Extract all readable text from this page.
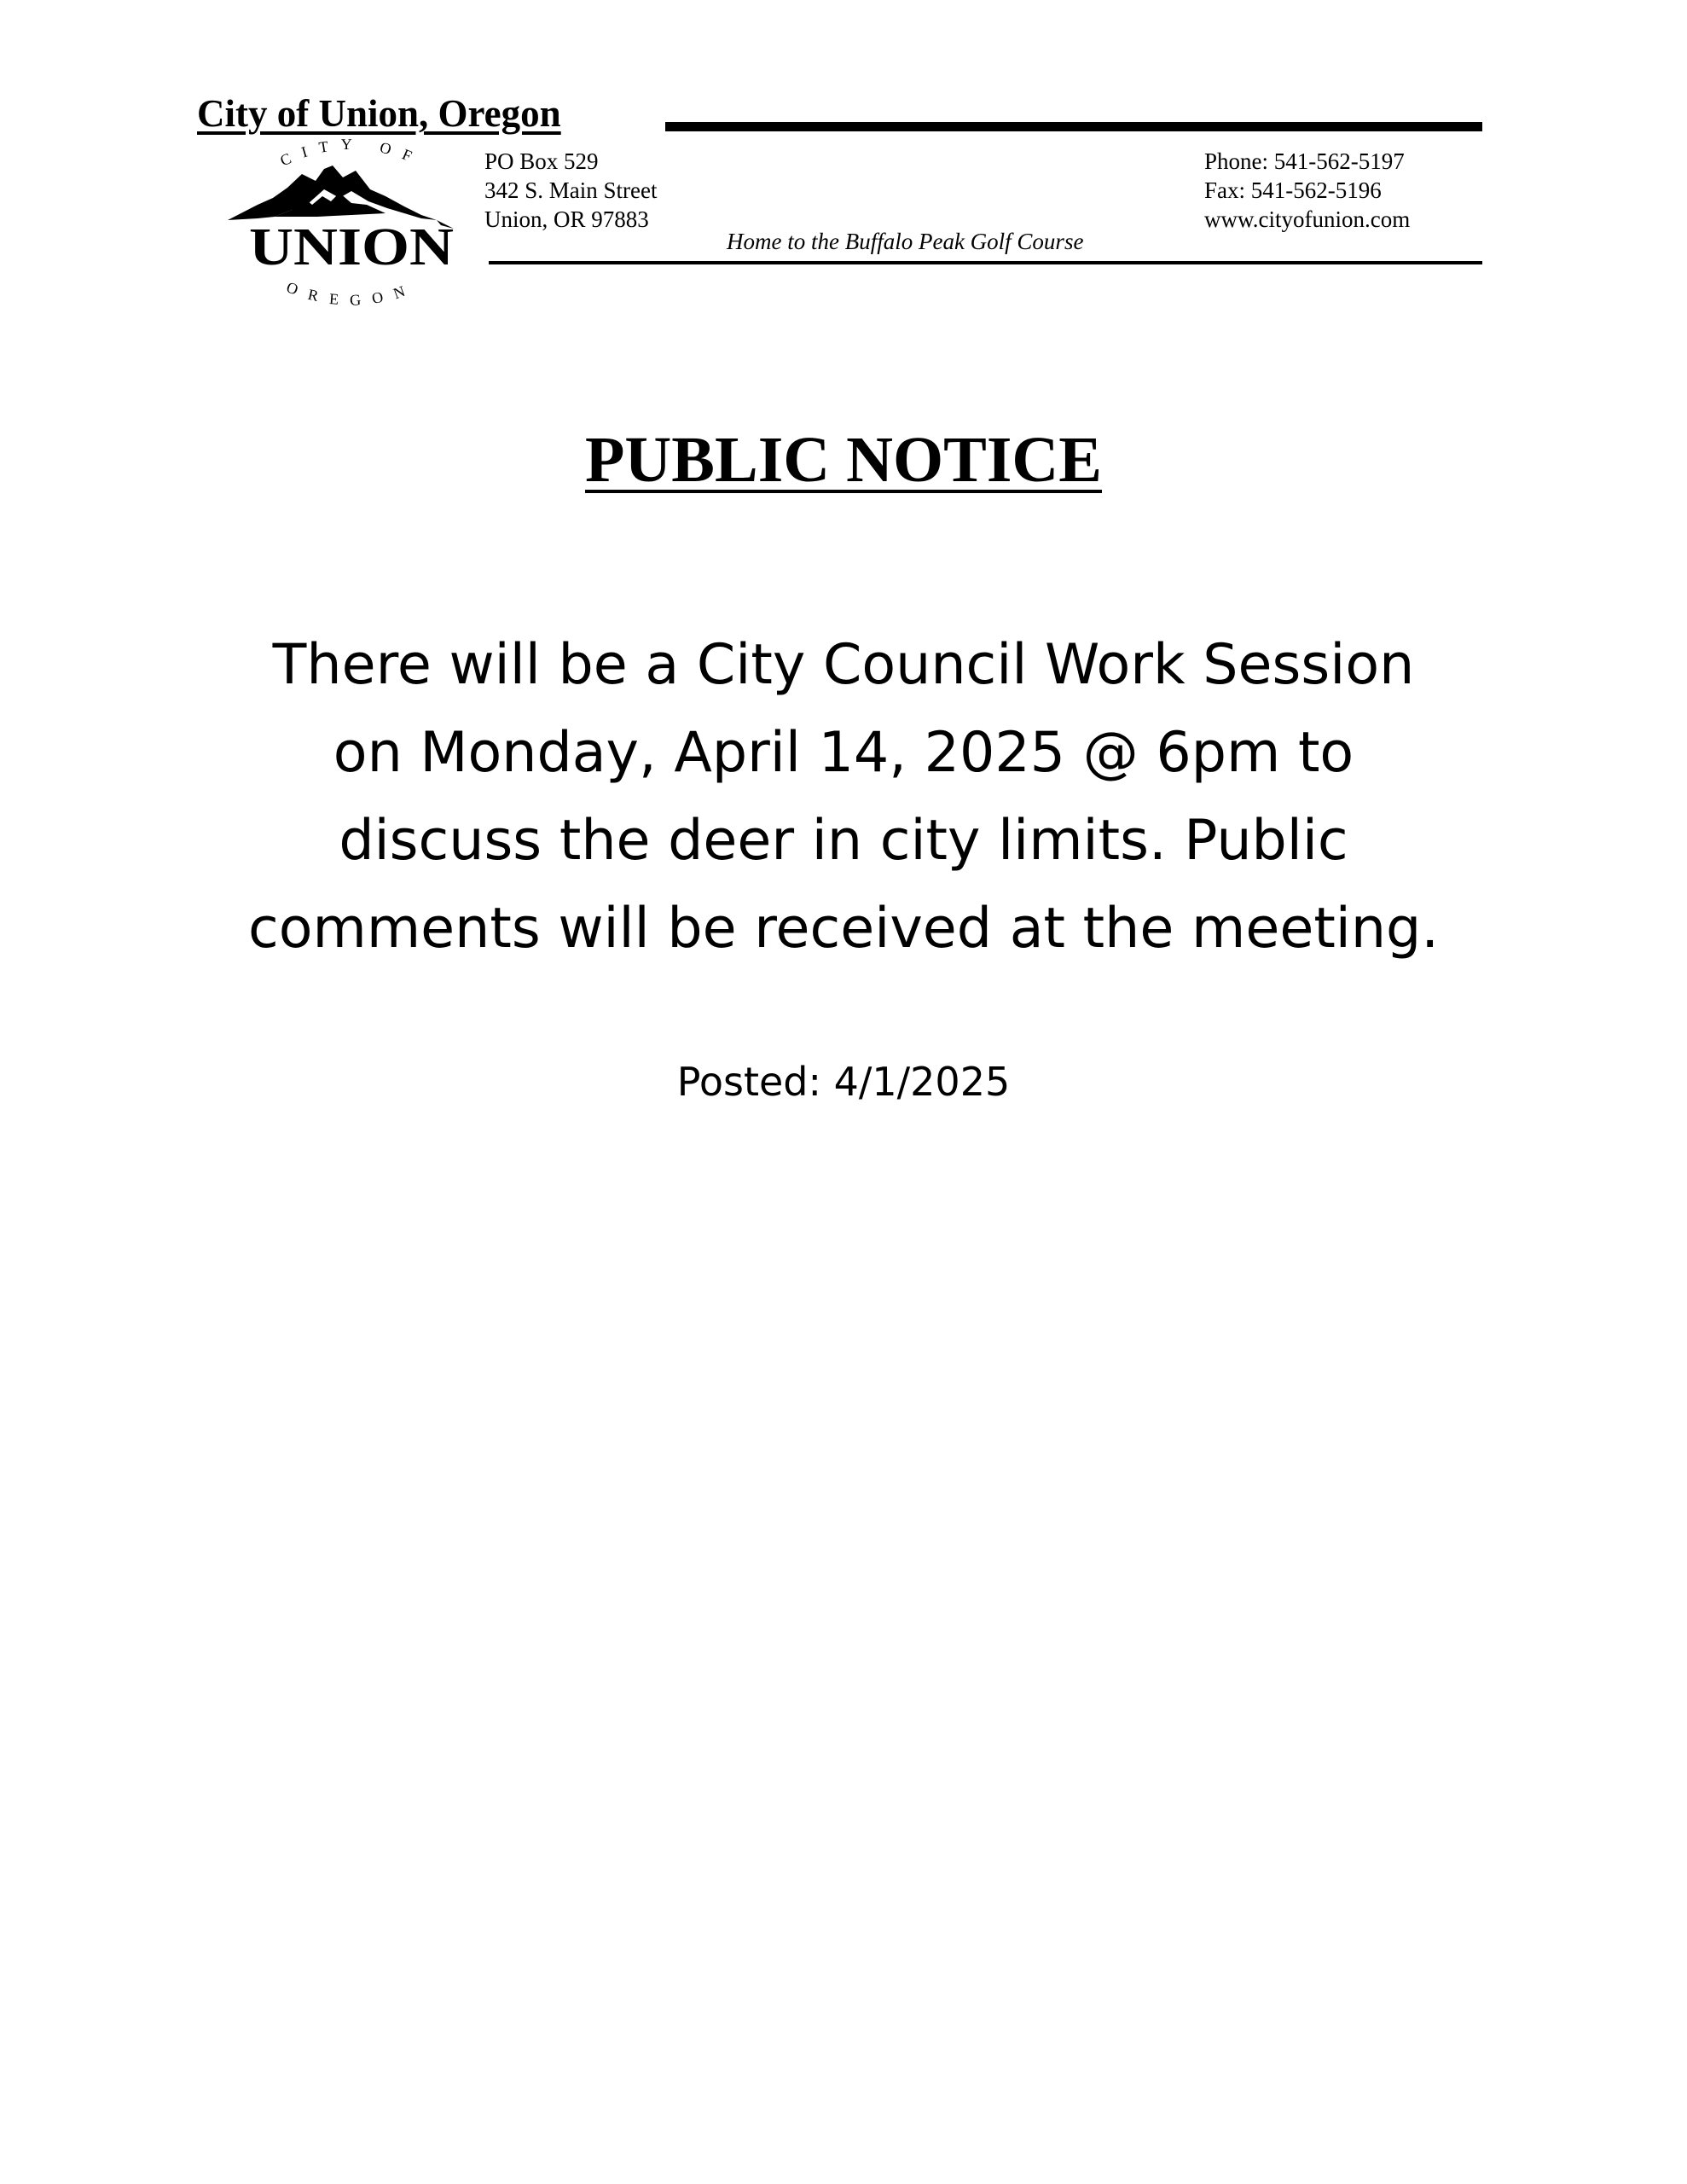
City of Union, Oregon
CITY OF
UNION
OREGON
PO Box 529
342 S. Main Street
Union, OR 97883
Phone: 541-562-5197
Fax: 541-562-5196
www.cityofunion.com
Home to the Buffalo Peak Golf Course
PUBLIC NOTICE
There will be a City Council Work Session
on Monday, April 14, 2025 @ 6pm to
discuss the deer in city limits. Public
comments will be received at the meeting.
Posted: 4/1/2025
